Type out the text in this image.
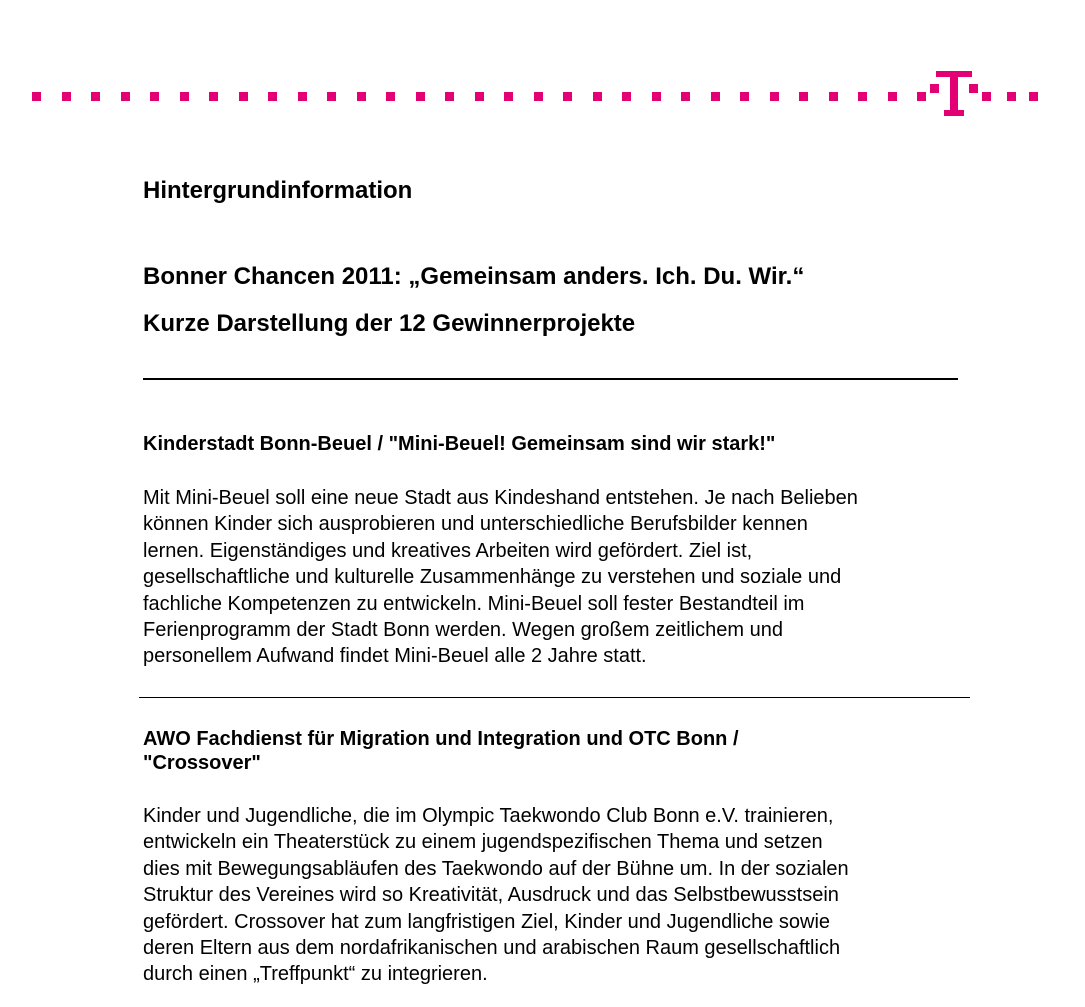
Hintergrundinformation
Bonner Chancen 2011: „Gemeinsam anders. Ich. Du. Wir.“
Kurze Darstellung der 12 Gewinnerprojekte
Kinderstadt Bonn-Beuel / "Mini-Beuel! Gemeinsam sind wir stark!"
Mit Mini-Beuel soll eine neue Stadt aus Kindeshand entstehen. Je nach Belieben
können Kinder sich ausprobieren und unterschiedliche Berufsbilder kennen
lernen. Eigenständiges und kreatives Arbeiten wird gefördert. Ziel ist,
gesellschaftliche und kulturelle Zusammenhänge zu verstehen und soziale und
fachliche Kompetenzen zu entwickeln. Mini-Beuel soll fester Bestandteil im
Ferienprogramm der Stadt Bonn werden. Wegen großem zeitlichem und
personellem Aufwand findet Mini-Beuel alle 2 Jahre statt.
AWO Fachdienst für Migration und Integration und OTC Bonn /
"Crossover"
Kinder und Jugendliche, die im Olympic Taekwondo Club Bonn e.V. trainieren,
entwickeln ein Theaterstück zu einem jugendspezifischen Thema und setzen
dies mit Bewegungsabläufen des Taekwondo auf der Bühne um. In der sozialen
Struktur des Vereines wird so Kreativität, Ausdruck und das Selbstbewusstsein
gefördert. Crossover hat zum langfristigen Ziel, Kinder und Jugendliche sowie
deren Eltern aus dem nordafrikanischen und arabischen Raum gesellschaftlich
durch einen „Treffpunkt“ zu integrieren.
